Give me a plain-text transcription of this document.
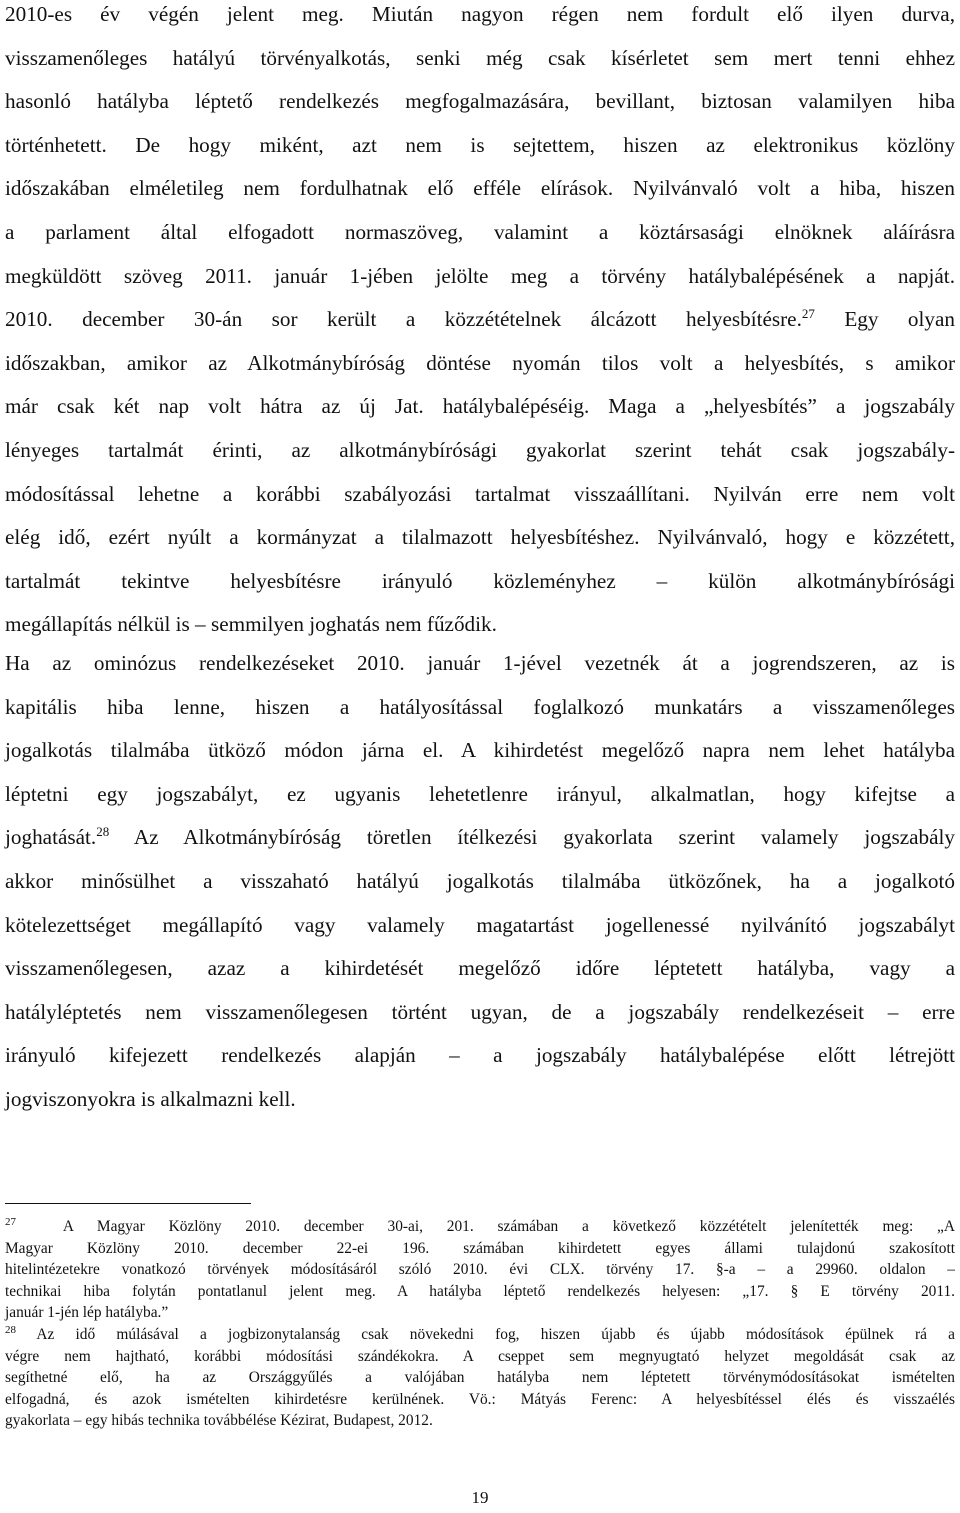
2010-es év végén jelent meg. Miután nagyon régen nem fordult elő ilyen durva,
visszamenőleges hatályú törvényalkotás, senki még csak kísérletet sem mert tenni ehhez
hasonló hatályba léptető rendelkezés megfogalmazására, bevillant, biztosan valamilyen hiba
történhetett. De hogy miként, azt nem is sejtettem, hiszen az elektronikus közlöny
időszakában elméletileg nem fordulhatnak elő efféle elírások. Nyilvánvaló volt a hiba, hiszen
a parlament által elfogadott normaszöveg, valamint a köztársasági elnöknek aláírásra
megküldött szöveg 2011. január 1-jében jelölte meg a törvény hatálybalépésének a napját.
2010. december 30-án sor került a közzétételnek álcázott helyesbítésre.$^{27}$ Egy olyan
időszakban, amikor az Alkotmánybíróság döntése nyomán tilos volt a helyesbítés, s amikor
már csak két nap volt hátra az új Jat. hatálybalépéséig. Maga a „helyesbítés” a jogszabály
lényeges tartalmát érinti, az alkotmánybírósági gyakorlat szerint tehát csak jogszabály-
módosítással lehetne a korábbi szabályozási tartalmat visszaállítani. Nyilván erre nem volt
elég idő, ezért nyúlt a kormányzat a tilalmazott helyesbítéshez. Nyilvánvaló, hogy e közzétett,
tartalmát tekintve helyesbítésre irányuló közleményhez – külön alkotmánybírósági
megállapítás nélkül is – semmilyen joghatás nem fűződik.
Ha az ominózus rendelkezéseket 2010. január 1-jével vezetnék át a jogrendszeren, az is
kapitális hiba lenne, hiszen a hatályosítással foglalkozó munkatárs a visszamenőleges
jogalkotás tilalmába ütköző módon járna el. A kihirdetést megelőző napra nem lehet hatályba
léptetni egy jogszabályt, ez ugyanis lehetetlenre irányul, alkalmatlan, hogy kifejtse a
joghatását.$^{28}$ Az Alkotmánybíróság töretlen ítélkezési gyakorlata szerint valamely jogszabály
akkor minősülhet a visszaható hatályú jogalkotás tilalmába ütközőnek, ha a jogalkotó
kötelezettséget megállapító vagy valamely magatartást jogellenessé nyilvánító jogszabályt
visszamenőlegesen, azaz a kihirdetését megelőző időre léptetett hatályba, vagy a
hatályléptetés nem visszamenőlegesen történt ugyan, de a jogszabály rendelkezéseit – erre
irányuló kifejezett rendelkezés alapján – a jogszabály hatálybalépése előtt létrejött
jogviszonyokra is alkalmazni kell.
$^{27}$	A Magyar Közlöny 2010. december 30-ai, 201. számában a következő közzétételt jelenítették meg: „A
Magyar Közlöny 2010. december 22-ei 196. számában kihirdetett egyes állami tulajdonú szakosított
hitelintézetekre vonatkozó törvények módosításáról szóló 2010. évi CLX. törvény 17. §-a – a 29960. oldalon –
technikai hiba folytán pontatlanul jelent meg. A hatályba léptető rendelkezés helyesen: „17. § E törvény 2011.
január 1-jén lép hatályba.”
$^{28}$ Az idő múlásával a jogbizonytalanság csak növekedni fog, hiszen újabb és újabb módosítások épülnek rá a
végre nem hajtható, korábbi módosítási szándékokra. A cseppet sem megnyugtató helyzet megoldását csak az
segíthetné elő, ha az Országgyűlés a valójában hatályba nem léptetett törvénymódosításokat ismételten
elfogadná, és azok ismételten kihirdetésre kerülnének. Vö.: Mátyás Ferenc: A helyesbítéssel élés és visszaélés
gyakorlata – egy hibás technika továbbélése Kézirat, Budapest, 2012.
19
